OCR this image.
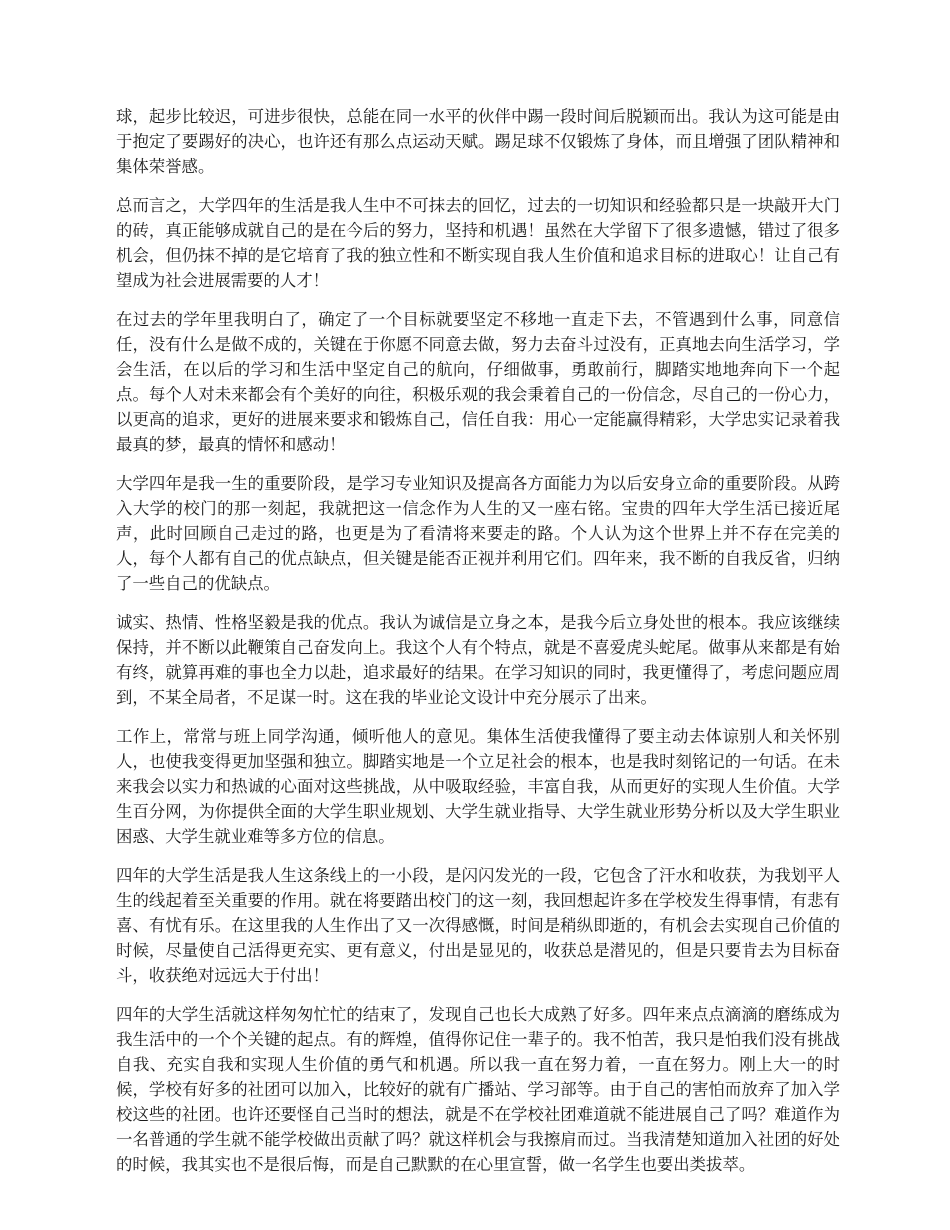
球，起步比较迟，可进步很快，总能在同一水平的伙伴中踢一段时间后脱颖而出。我认为这可能是由于抱定了要踢好的决心，也许还有那么点运动天赋。踢足球不仅锻炼了身体，而且增强了团队精神和集体荣誉感。

总而言之，大学四年的生活是我人生中不可抹去的回忆，过去的一切知识和经验都只是一块敲开大门的砖，真正能够成就自己的是在今后的努力，坚持和机遇！虽然在大学留下了很多遗憾，错过了很多机会，但仍抹不掉的是它培育了我的独立性和不断实现自我人生价值和追求目标的进取心！让自己有望成为社会进展需要的人才！

在过去的学年里我明白了，确定了一个目标就要坚定不移地一直走下去，不管遇到什么事，同意信任，没有什么是做不成的，关键在于你愿不同意去做，努力去奋斗过没有，正真地去向生活学习，学会生活，在以后的学习和生活中坚定自己的航向，仔细做事，勇敢前行，脚踏实地地奔向下一个起点。每个人对未来都会有个美好的向往，积极乐观的我会秉着自己的一份信念，尽自己的一份心力，以更高的追求，更好的进展来要求和锻炼自己，信任自我：用心一定能赢得精彩，大学忠实记录着我最真的梦，最真的情怀和感动！

大学四年是我一生的重要阶段，是学习专业知识及提高各方面能力为以后安身立命的重要阶段。从跨入大学的校门的那一刻起，我就把这一信念作为人生的又一座右铭。宝贵的四年大学生活已接近尾声，此时回顾自己走过的路，也更是为了看清将来要走的路。个人认为这个世界上并不存在完美的人，每个人都有自己的优点缺点，但关键是能否正视并利用它们。四年来，我不断的自我反省，归纳了一些自己的优缺点。

诚实、热情、性格坚毅是我的优点。我认为诚信是立身之本，是我今后立身处世的根本。我应该继续保持，并不断以此鞭策自己奋发向上。我这个人有个特点，就是不喜爱虎头蛇尾。做事从来都是有始有终，就算再难的事也全力以赴，追求最好的结果。在学习知识的同时，我更懂得了，考虑问题应周到，不某全局者，不足谋一时。这在我的毕业论文设计中充分展示了出来。

工作上，常常与班上同学沟通，倾听他人的意见。集体生活使我懂得了要主动去体谅别人和关怀别人，也使我变得更加坚强和独立。脚踏实地是一个立足社会的根本，也是我时刻铭记的一句话。在未来我会以实力和热诚的心面对这些挑战，从中吸取经验，丰富自我，从而更好的实现人生价值。大学生百分网，为你提供全面的大学生职业规划、大学生就业指导、大学生就业形势分析以及大学生职业困惑、大学生就业难等多方位的信息。

四年的大学生活是我人生这条线上的一小段，是闪闪发光的一段，它包含了汗水和收获，为我划平人生的线起着至关重要的作用。就在将要踏出校门的这一刻，我回想起许多在学校发生得事情，有悲有喜、有忧有乐。在这里我的人生作出了又一次得感慨，时间是稍纵即逝的，有机会去实现自己价值的时候，尽量使自己活得更充实、更有意义，付出是显见的，收获总是潜见的，但是只要肯去为目标奋斗，收获绝对远远大于付出！

四年的大学生活就这样匆匆忙忙的结束了，发现自己也长大成熟了好多。四年来点点滴滴的磨练成为我生活中的一个个关键的起点。有的辉煌，值得你记住一辈子的。我不怕苦，我只是怕我们没有挑战自我、充实自我和实现人生价值的勇气和机遇。所以我一直在努力着，一直在努力。刚上大一的时候，学校有好多的社团可以加入，比较好的就有广播站、学习部等。由于自己的害怕而放弃了加入学校这些的社团。也许还要怪自己当时的想法，就是不在学校社团难道就不能进展自己了吗？难道作为一名普通的学生就不能学校做出贡献了吗？就这样机会与我擦肩而过。当我清楚知道加入社团的好处的时候，我其实也不是很后悔，而是自己默默的在心里宣誓，做一名学生也要出类拔萃。
